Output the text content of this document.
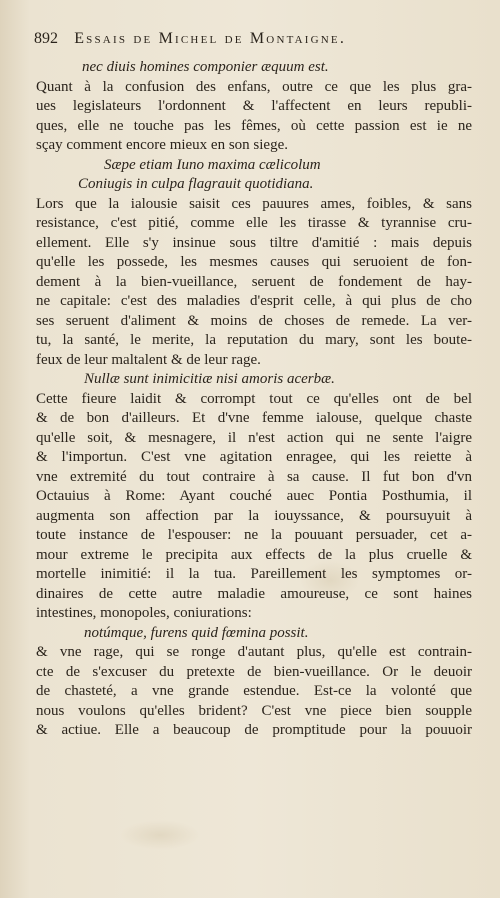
892 Essais de Michel de Montaigne.
nec diuis homines componier æquum est.
Quant à la confusion des enfans, outre ce que les plus gra-
ues legislateurs l'ordonnent & l'affectent en leurs republi-
ques, elle ne touche pas les fêmes, où cette passion est ie ne
sçay comment encore mieux en son siege.
Sæpe etiam Iuno maxima cælicolum
Coniugis in culpa flagrauit quotidiana.
Lors que la ialousie saisit ces pauures ames, foibles, & sans
resistance, c'est pitié, comme elle les tirasse & tyrannise cru-
ellement. Elle s'y insinue sous tiltre d'amitié : mais depuis
qu'elle les possede, les mesmes causes qui seruoient de fon-
dement à la bien-vueillance, seruent de fondement de hay-
ne capitale: c'est des maladies d'esprit celle, à qui plus de cho
ses seruent d'aliment & moins de choses de remede. La ver-
tu, la santé, le merite, la reputation du mary, sont les boute-
feux de leur maltalent & de leur rage.
Nullæ sunt inimicitiæ nisi amoris acerbæ.
Cette fieure laidit & corrompt tout ce qu'elles ont de bel
& de bon d'ailleurs. Et d'vne femme ialouse, quelque chaste
qu'elle soit, & mesnagere, il n'est action qui ne sente l'aigre
& l'importun. C'est vne agitation enragee, qui les reiette à
vne extremité du tout contraire à sa cause. Il fut bon d'vn
Octauius à Rome: Ayant couché auec Pontia Posthumia, il
augmenta son affection par la iouyssance, & poursuyuit à
toute instance de l'espouser: ne la pouuant persuader, cet a-
mour extreme le precipita aux effects de la plus cruelle &
mortelle inimitié: il la tua. Pareillement les symptomes or-
dinaires de cette autre maladie amoureuse, ce sont haines
intestines, monopoles, coniurations:
notúmque, furens quid fœmina possit.
& vne rage, qui se ronge d'autant plus, qu'elle est contrain-
cte de s'excuser du pretexte de bien-vueillance. Or le deuoir
de chasteté, a vne grande estendue. Est-ce la volonté que
nous voulons qu'elles brident? C'est vne piece bien soupple
& actiue. Elle a beaucoup de promptitude pour la pouuoir
